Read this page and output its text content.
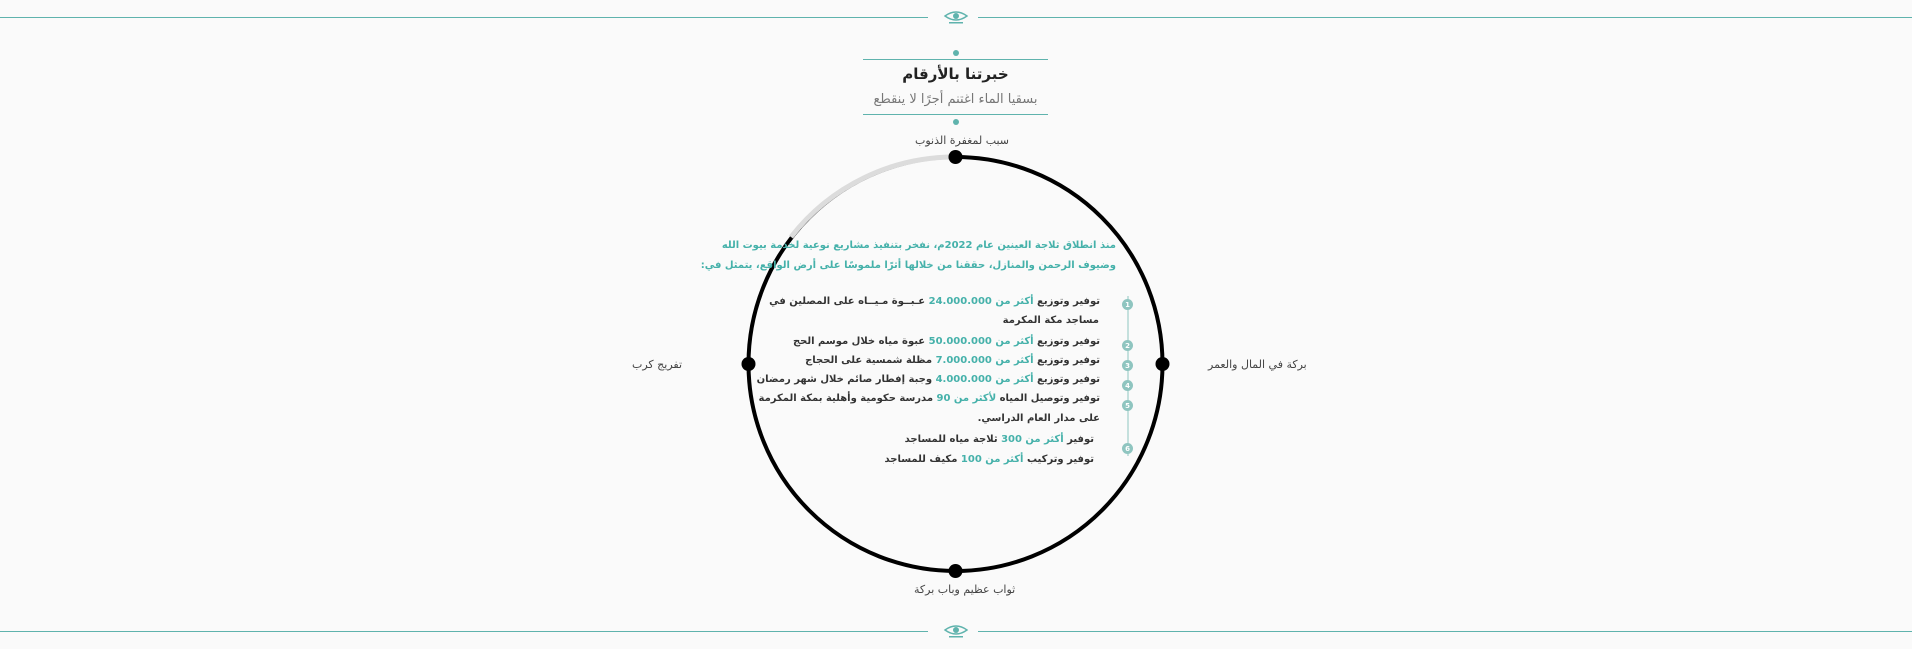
خبرتنا بالأرقام
بسقيا الماء اغتنم أجرًا لا ينقطع
سبب لمغفرة الذنوب
بركة في المال والعمر
تفريج كرب
ثواب عظيم وباب بركة
منذ انطلاق ثلاجة العينين عام 2022م، نفخر بتنفيذ مشاريع نوعية لخدمة بيوت الله
وضيوف الرحمن والمنازل، حققنا من خلالها أثرًا ملموسًا على أرض الواقع، يتمثل في:
توفير وتوزيع أكثر من 24.000.000 عـبــوة مـيــاه على المصلين في
مساجد مكة المكرمة
توفير وتوزيع أكثر من 50.000.000 عبوة مياه خلال موسم الحج
توفير وتوزيع أكثر من 7.000.000 مظلة شمسية على الحجاج
توفير وتوزيع أكثر من 4.000.000 وجبة إفطار صائم خلال شهر رمضان
توفير وتوصيل المياه لأكثر من 90 مدرسة حكومية وأهلية بمكة المكرمة
على مدار العام الدراسي.
توفير أكثر من 300 ثلاجة مياه للمساجد
توفير وتركيب أكثر من 100 مكيف للمساجد
1
2
3
4
5
6
